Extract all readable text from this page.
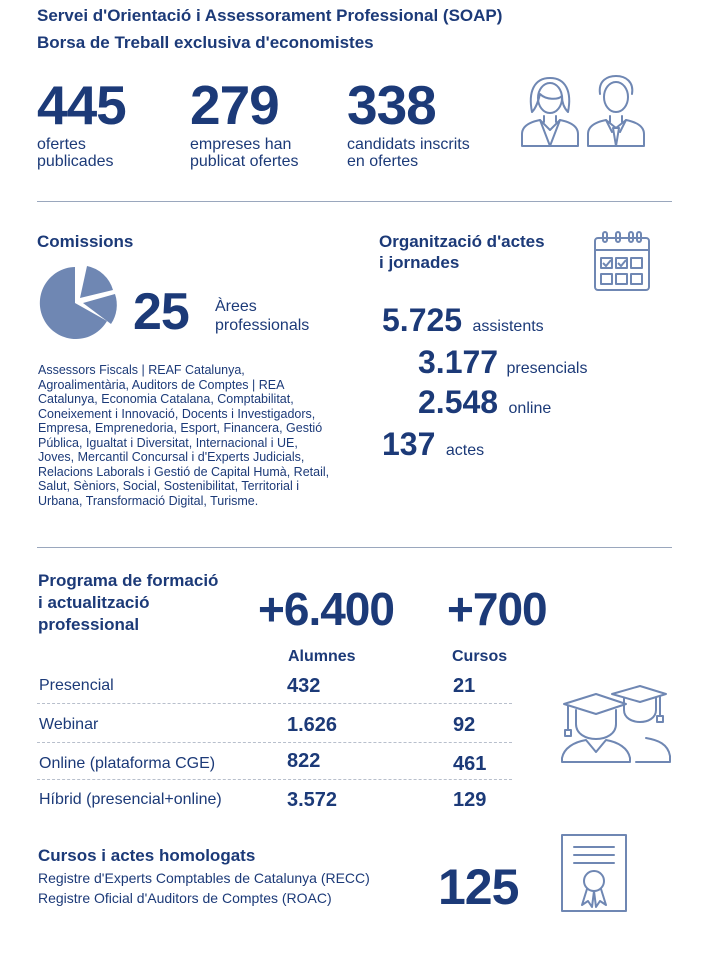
Servei d'Orientació i Assessorament Professional (SOAP)
Borsa de Treball exclusiva d'economistes
445
ofertes
publicades
279
empreses han
publicat ofertes
338
candidats inscrits
en ofertes
Comissions
25 Àrees
professionals
Assessors Fiscals | REAF Catalunya,
Agroalimentària, Auditors de Comptes | REA
Catalunya, Economia Catalana, Comptabilitat,
Coneixement i Innovació, Docents i Investigadors,
Empresa, Emprenedoria, Esport, Financera, Gestió
Pública, Igualtat i Diversitat, Internacional i UE,
Joves, Mercantil Concursal i d'Experts Judicials,
Relacions Laborals i Gestió de Capital Humà, Retail,
Salut, Sèniors, Social, Sostenibilitat, Territorial i
Urbana, Transformació Digital, Turisme.
Organització d'actes
i jornades
5.725 assistents
3.177 presencials
2.548 online
137 actes
Programa de formació
i actualització
professional	+6.400 +700
Alumnes	Cursos
Presencial	432	21
Webinar	1.626	92
Online (plataforma CGE)	822	461
Híbrid (presencial+online)	3.572	129
Cursos i actes homologats
Registre d'Experts Comptables de Catalunya (RECC)
Registre Oficial d'Auditors de Comptes (ROAC) 125
